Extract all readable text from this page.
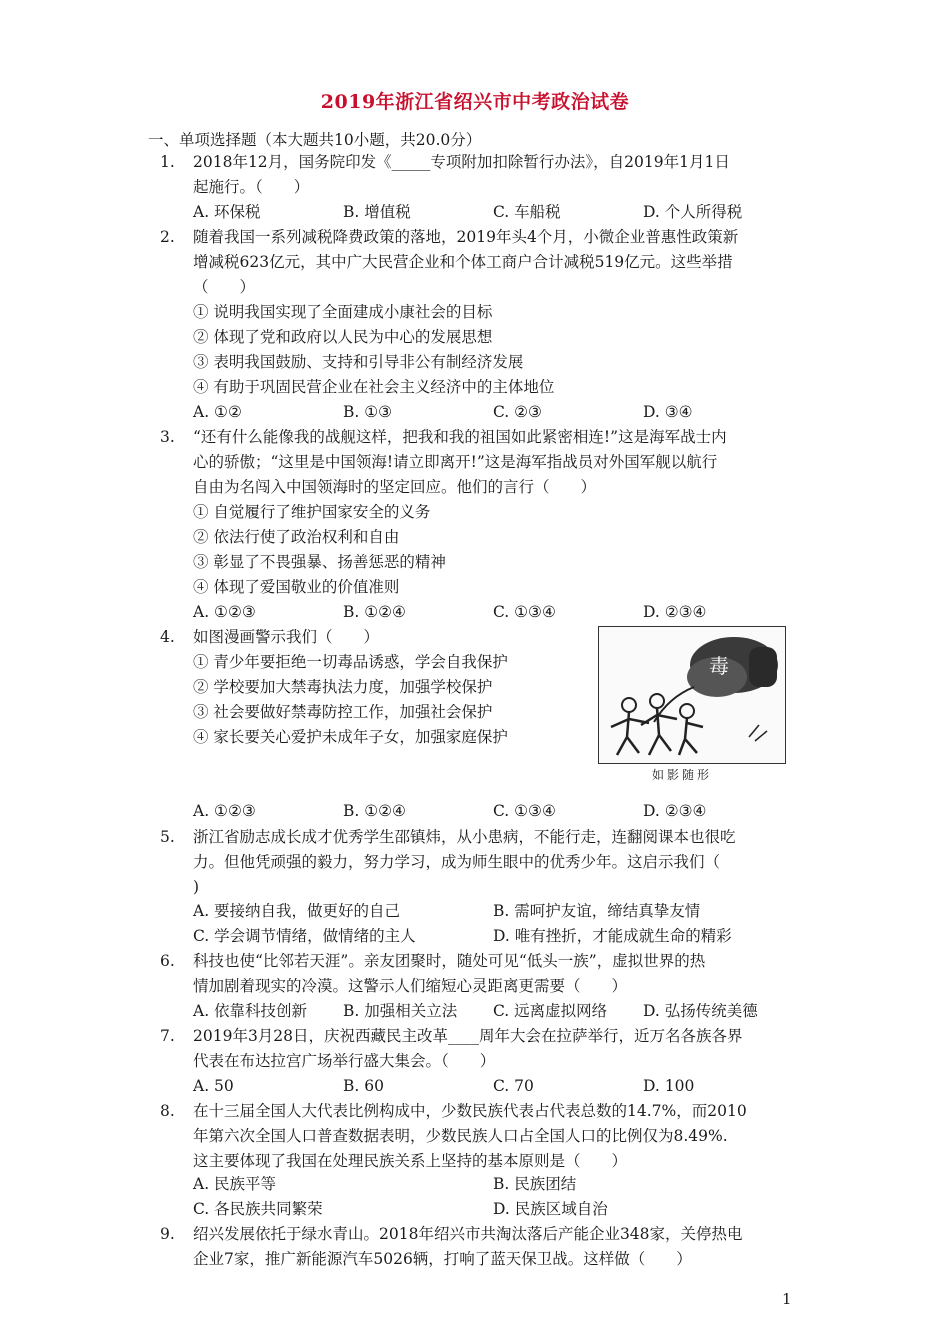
2019年浙江省绍兴市中考政治试卷
一、单项选择题（本大题共10小题，共20.0分）
1. 2018年12月，国务院印发《_____专项附加扣除暂行办法》，自2019年1月1日
起施行。（　　）
A. 环保税	B. 增值税	C. 车船税	D. 个人所得税
2. 随着我国一系列减税降费政策的落地，2019年头4个月，小微企业普惠性政策新
增减税623亿元，其中广大民营企业和个体工商户合计减税519亿元。这些举措
（　　）
① 说明我国实现了全面建成小康社会的目标
② 体现了党和政府以人民为中心的发展思想
③ 表明我国鼓励、支持和引导非公有制经济发展
④ 有助于巩固民营企业在社会主义经济中的主体地位
A. ①②	B. ①③	C. ②③	D. ③④
3. “还有什么能像我的战舰这样，把我和我的祖国如此紧密相连!”这是海军战士内
心的骄傲；“这里是中国领海!请立即离开!”这是海军指战员对外国军舰以航行
自由为名闯入中国领海时的坚定回应。他们的言行（　　）
① 自觉履行了维护国家安全的义务
② 依法行使了政治权利和自由
③ 彰显了不畏强暴、扬善惩恶的精神
④ 体现了爱国敬业的价值准则
A. ①②③	B. ①②④	C. ①③④	D. ②③④
4. 如图漫画警示我们（　　）
① 青少年要拒绝一切毒品诱惑，学会自我保护
② 学校要加大禁毒执法力度，加强学校保护
③ 社会要做好禁毒防控工作，加强社会保护
④ 家长要关心爱护未成年子女，加强家庭保护
A. ①②③	B. ①②④	C. ①③④	D. ②③④
毒
如影随形
5. 浙江省励志成长成才优秀学生邵镇炜，从小患病，不能行走，连翻阅课本也很吃
力。但他凭顽强的毅力，努力学习，成为师生眼中的优秀少年。这启示我们（
)
A. 要接纳自我，做更好的自己	B. 需呵护友谊，缔结真挚友情
C. 学会调节情绪，做情绪的主人	D. 唯有挫折，才能成就生命的精彩
6. 科技也使“比邻若天涯”。亲友团聚时，随处可见“低头一族”，虚拟世界的热
情加剧着现实的冷漠。这警示人们缩短心灵距离更需要（　　）
A. 依靠科技创新 B. 加强相关立法 C. 远离虚拟网络 D. 弘扬传统美德
7. 2019年3月28日，庆祝西藏民主改革____周年大会在拉萨举行，近万名各族各界
代表在布达拉宫广场举行盛大集会。（　　）
A. 50	B. 60	C. 70	D. 100
8. 在十三届全国人大代表比例构成中，少数民族代表占代表总数的14.7%，而2010
年第六次全国人口普查数据表明，少数民族人口占全国人口的比例仅为8.49%.
这主要体现了我国在处理民族关系上坚持的基本原则是（　　）
A. 民族平等	B. 民族团结
C. 各民族共同繁荣	D. 民族区域自治
9. 绍兴发展依托于绿水青山。2018年绍兴市共淘汰落后产能企业348家，关停热电
企业7家，推广新能源汽车5026辆，打响了蓝天保卫战。这样做（　　）
1
